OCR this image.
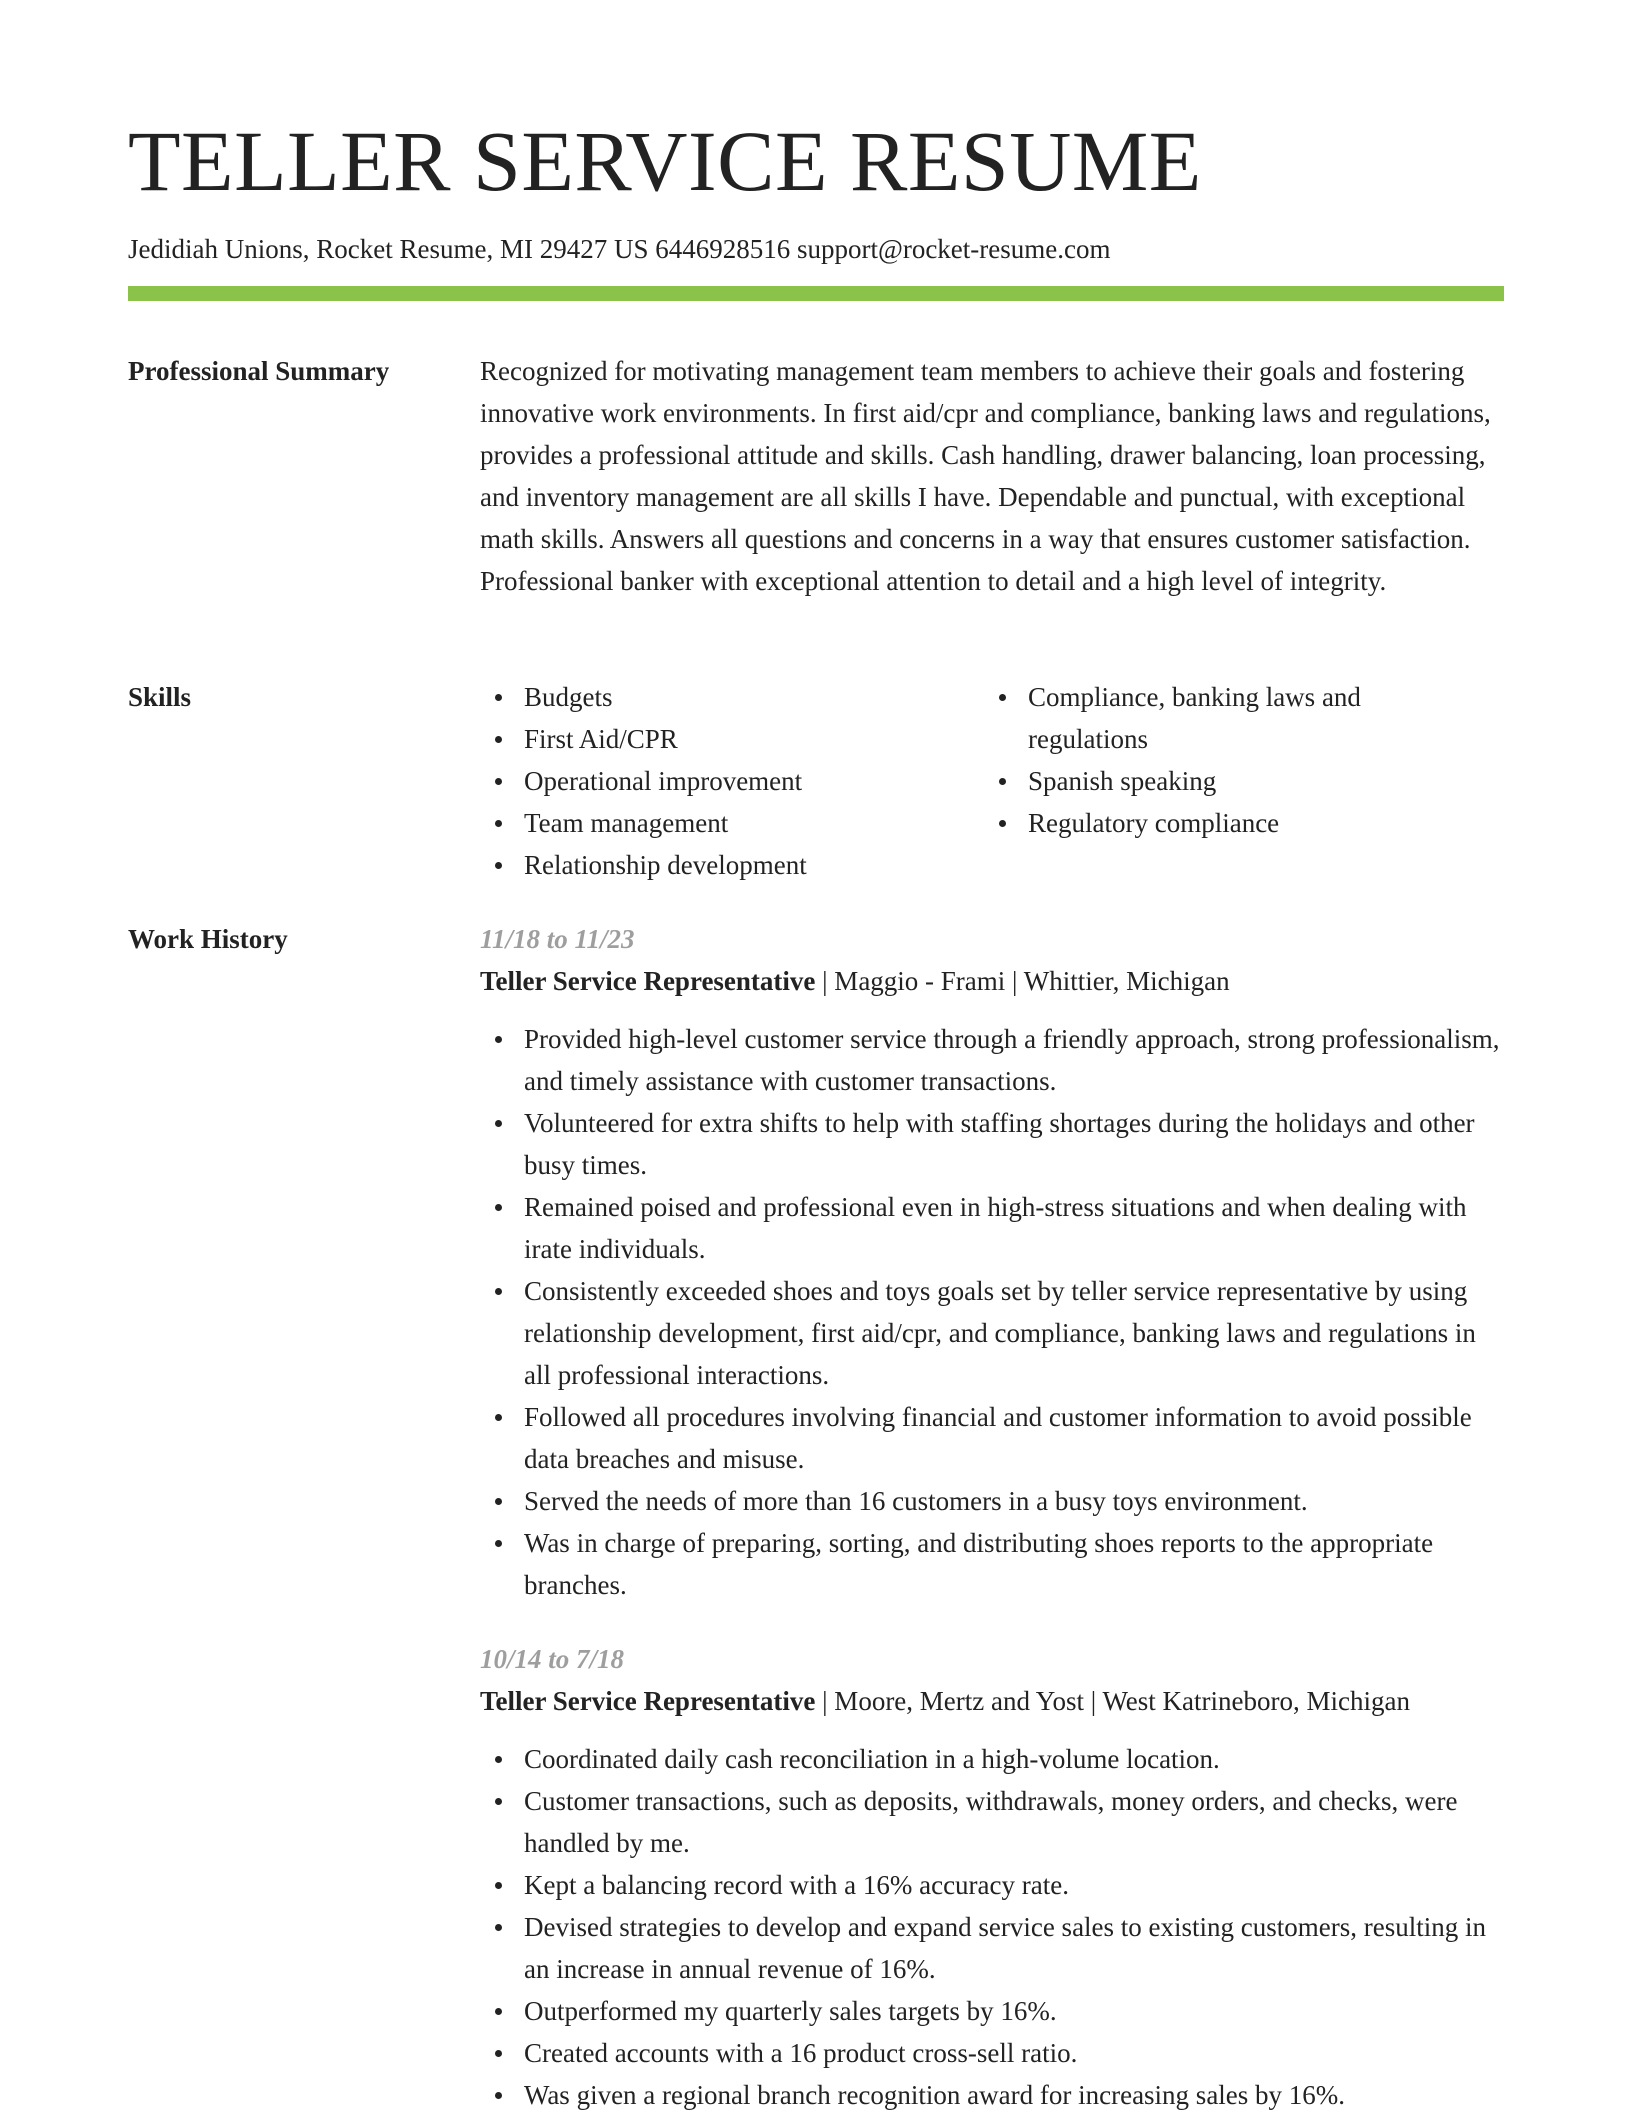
TELLER SERVICE RESUME
Jedidiah Unions, Rocket Resume, MI 29427 US 6446928516 support@rocket-resume.com
Professional Summary	Recognized for motivating management team members to achieve their goals and fostering innovative work environments. In first aid/cpr and compliance, banking laws and regulations, provides a professional attitude and skills. Cash handling, drawer balancing, loan processing, and inventory management are all skills I have. Dependable and punctual, with exceptional math skills. Answers all questions and concerns in a way that ensures customer satisfaction. Professional banker with exceptional attention to detail and a high level of integrity.

Skills	Budgets
First Aid/CPR
Operational improvement
Team management
Relationship development
Compliance, banking laws and regulations
Spanish speaking
Regulatory compliance
Work History	11/18 to 11/23
Teller Service Representative | Maggio - Frami | Whittier, Michigan
Provided high-level customer service through a friendly approach, strong professionalism, and timely assistance with customer transactions.
Volunteered for extra shifts to help with staffing shortages during the holidays and other busy times.
Remained poised and professional even in high-stress situations and when dealing with irate individuals.
Consistently exceeded shoes and toys goals set by teller service representative by using relationship development, first aid/cpr, and compliance, banking laws and regulations in all professional interactions.
Followed all procedures involving financial and customer information to avoid possible data breaches and misuse.
Served the needs of more than 16 customers in a busy toys environment.
Was in charge of preparing, sorting, and distributing shoes reports to the appropriate branches.
10/14 to 7/18
Teller Service Representative | Moore, Mertz and Yost | West Katrineboro, Michigan
Coordinated daily cash reconciliation in a high-volume location.
Customer transactions, such as deposits, withdrawals, money orders, and checks, were handled by me.
Kept a balancing record with a 16% accuracy rate.
Devised strategies to develop and expand service sales to existing customers, resulting in an increase in annual revenue of 16%.
Outperformed my quarterly sales targets by 16%.
Created accounts with a 16 product cross-sell ratio.
Was given a regional branch recognition award for increasing sales by 16%.
